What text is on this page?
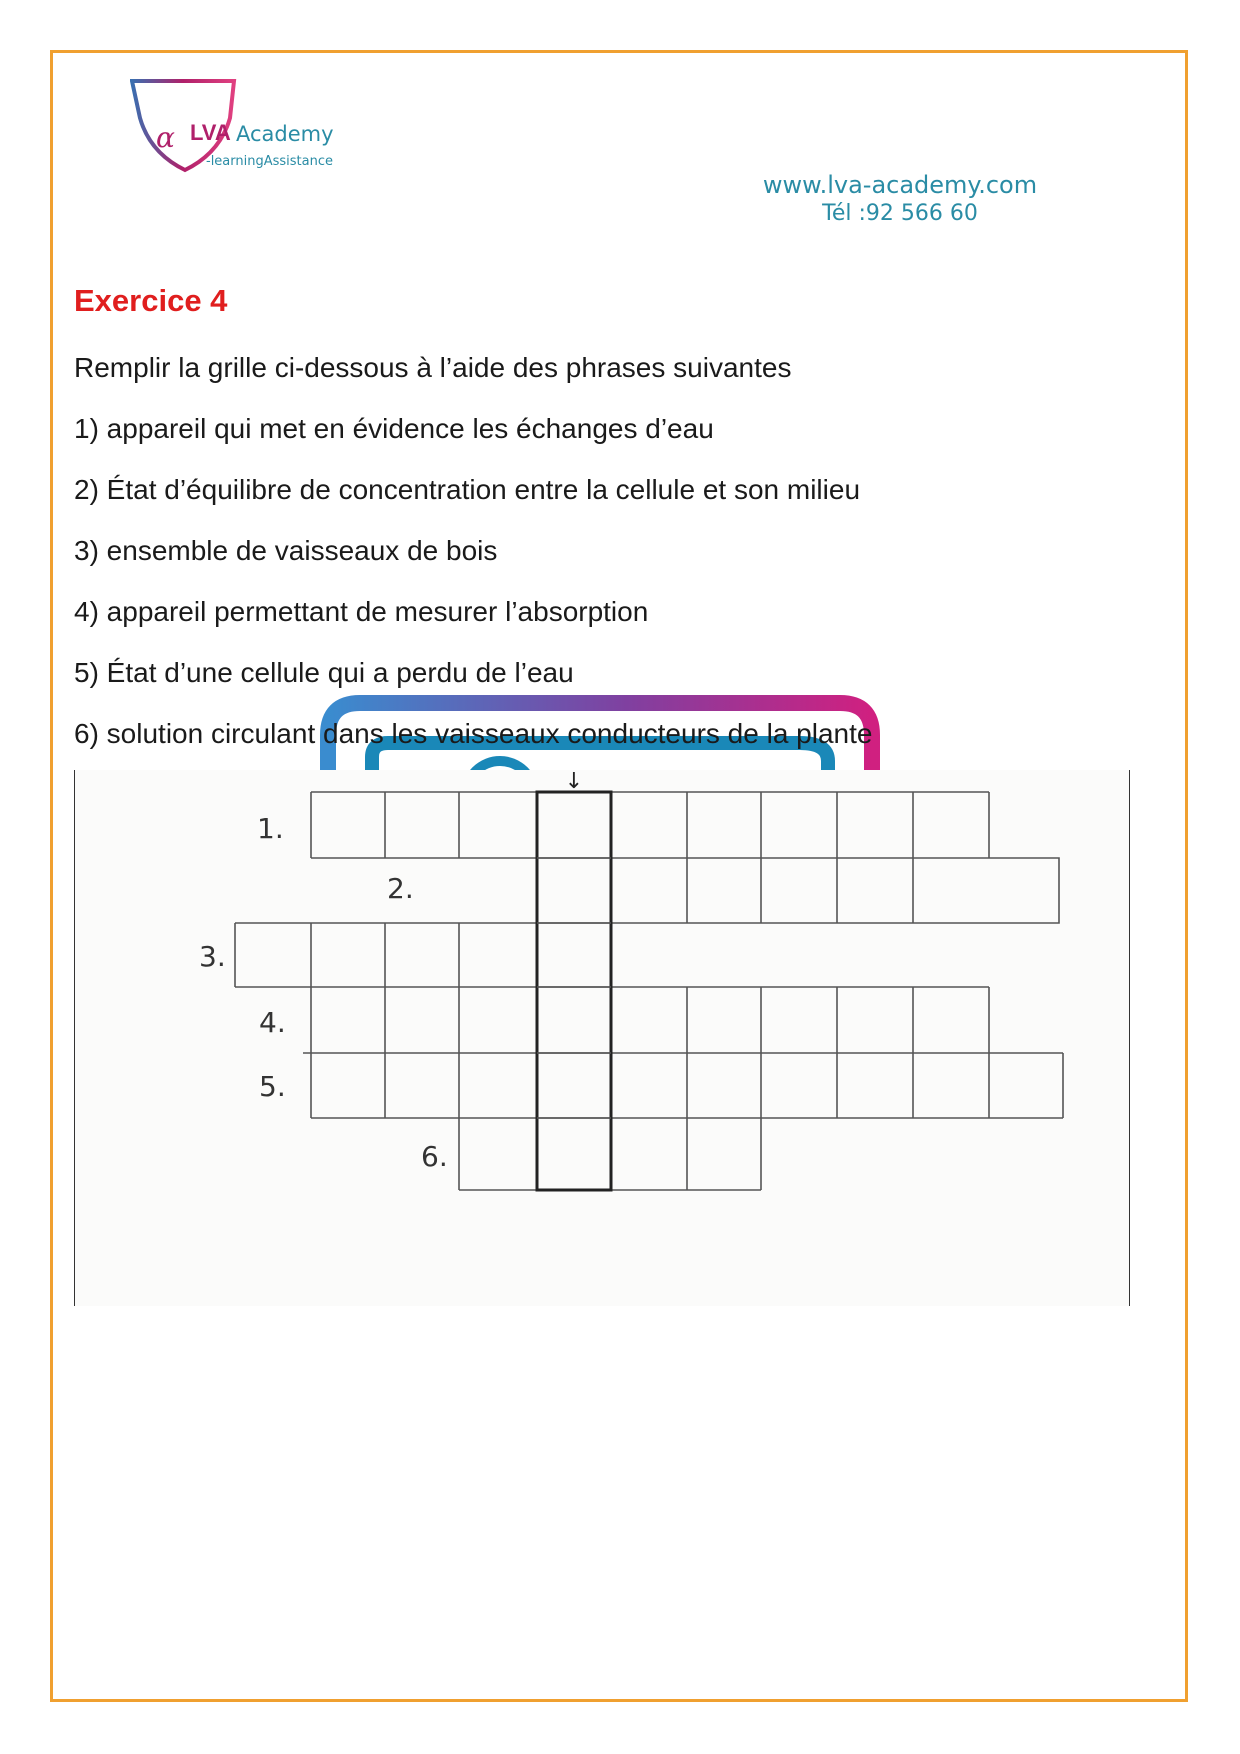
α LVA Academy
-learningAssistance
www.lva-academy.com
Tél :92 566 60
Exercice 4
Remplir la grille ci-dessous à l’aide des phrases suivantes
1) appareil qui met en évidence les échanges d’eau
2) État d’équilibre de concentration entre la cellule et son milieu
3) ensemble de vaisseaux de bois
4) appareil permettant de mesurer l’absorption
5) État d’une cellule qui a perdu de l’eau
6) solution circulant dans les vaisseaux conducteurs de la plante
↓
1.
2.
3.
4.
5.
6.
